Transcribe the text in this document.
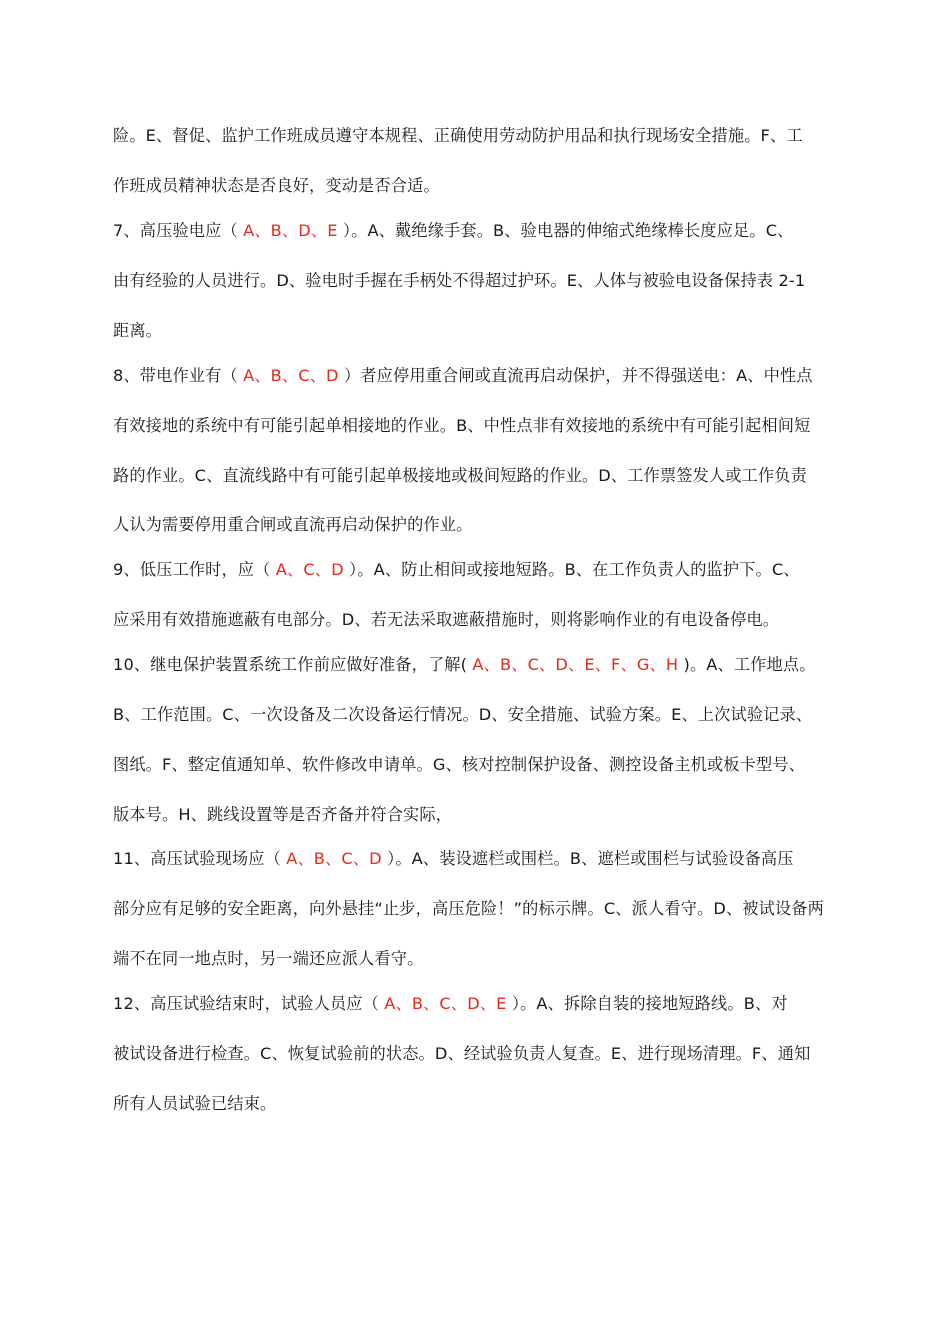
险。E、督促、监护工作班成员遵守本规程、正确使用劳动防护用品和执行现场安全措施。F、工
作班成员精神状态是否良好，变动是否合适。
7、高压验电应（ A、B、D、E ）。A、戴绝缘手套。B、验电器的伸缩式绝缘棒长度应足。C、
由有经验的人员进行。D、验电时手握在手柄处不得超过护环。E、人体与被验电设备保持表 2-1
距离。
8、带电作业有（ A、B、C、D ）者应停用重合闸或直流再启动保护，并不得强送电：A、中性点
有效接地的系统中有可能引起单相接地的作业。B、中性点非有效接地的系统中有可能引起相间短
路的作业。C、直流线路中有可能引起单极接地或极间短路的作业。D、工作票签发人或工作负责
人认为需要停用重合闸或直流再启动保护的作业。
9、低压工作时，应（ A、C、D ）。A、防止相间或接地短路。B、在工作负责人的监护下。C、
应采用有效措施遮蔽有电部分。D、若无法采取遮蔽措施时，则将影响作业的有电设备停电。
10、继电保护装置系统工作前应做好准备，了解( A、B、C、D、E、F、G、H )。A、工作地点。
B、工作范围。C、一次设备及二次设备运行情况。D、安全措施、试验方案。E、上次试验记录、
图纸。F、整定值通知单、软件修改申请单。G、核对控制保护设备、测控设备主机或板卡型号、
版本号。H、跳线设置等是否齐备并符合实际，
11、高压试验现场应（ A、B、C、D ）。A、装设遮栏或围栏。B、遮栏或围栏与试验设备高压
部分应有足够的安全距离，向外悬挂“止步，高压危险！”的标示牌。C、派人看守。D、被试设备两
端不在同一地点时，另一端还应派人看守。
12、高压试验结束时，试验人员应（ A、B、C、D、E ）。A、拆除自装的接地短路线。B、对
被试设备进行检查。C、恢复试验前的状态。D、经试验负责人复查。E、进行现场清理。F、通知
所有人员试验已结束。
